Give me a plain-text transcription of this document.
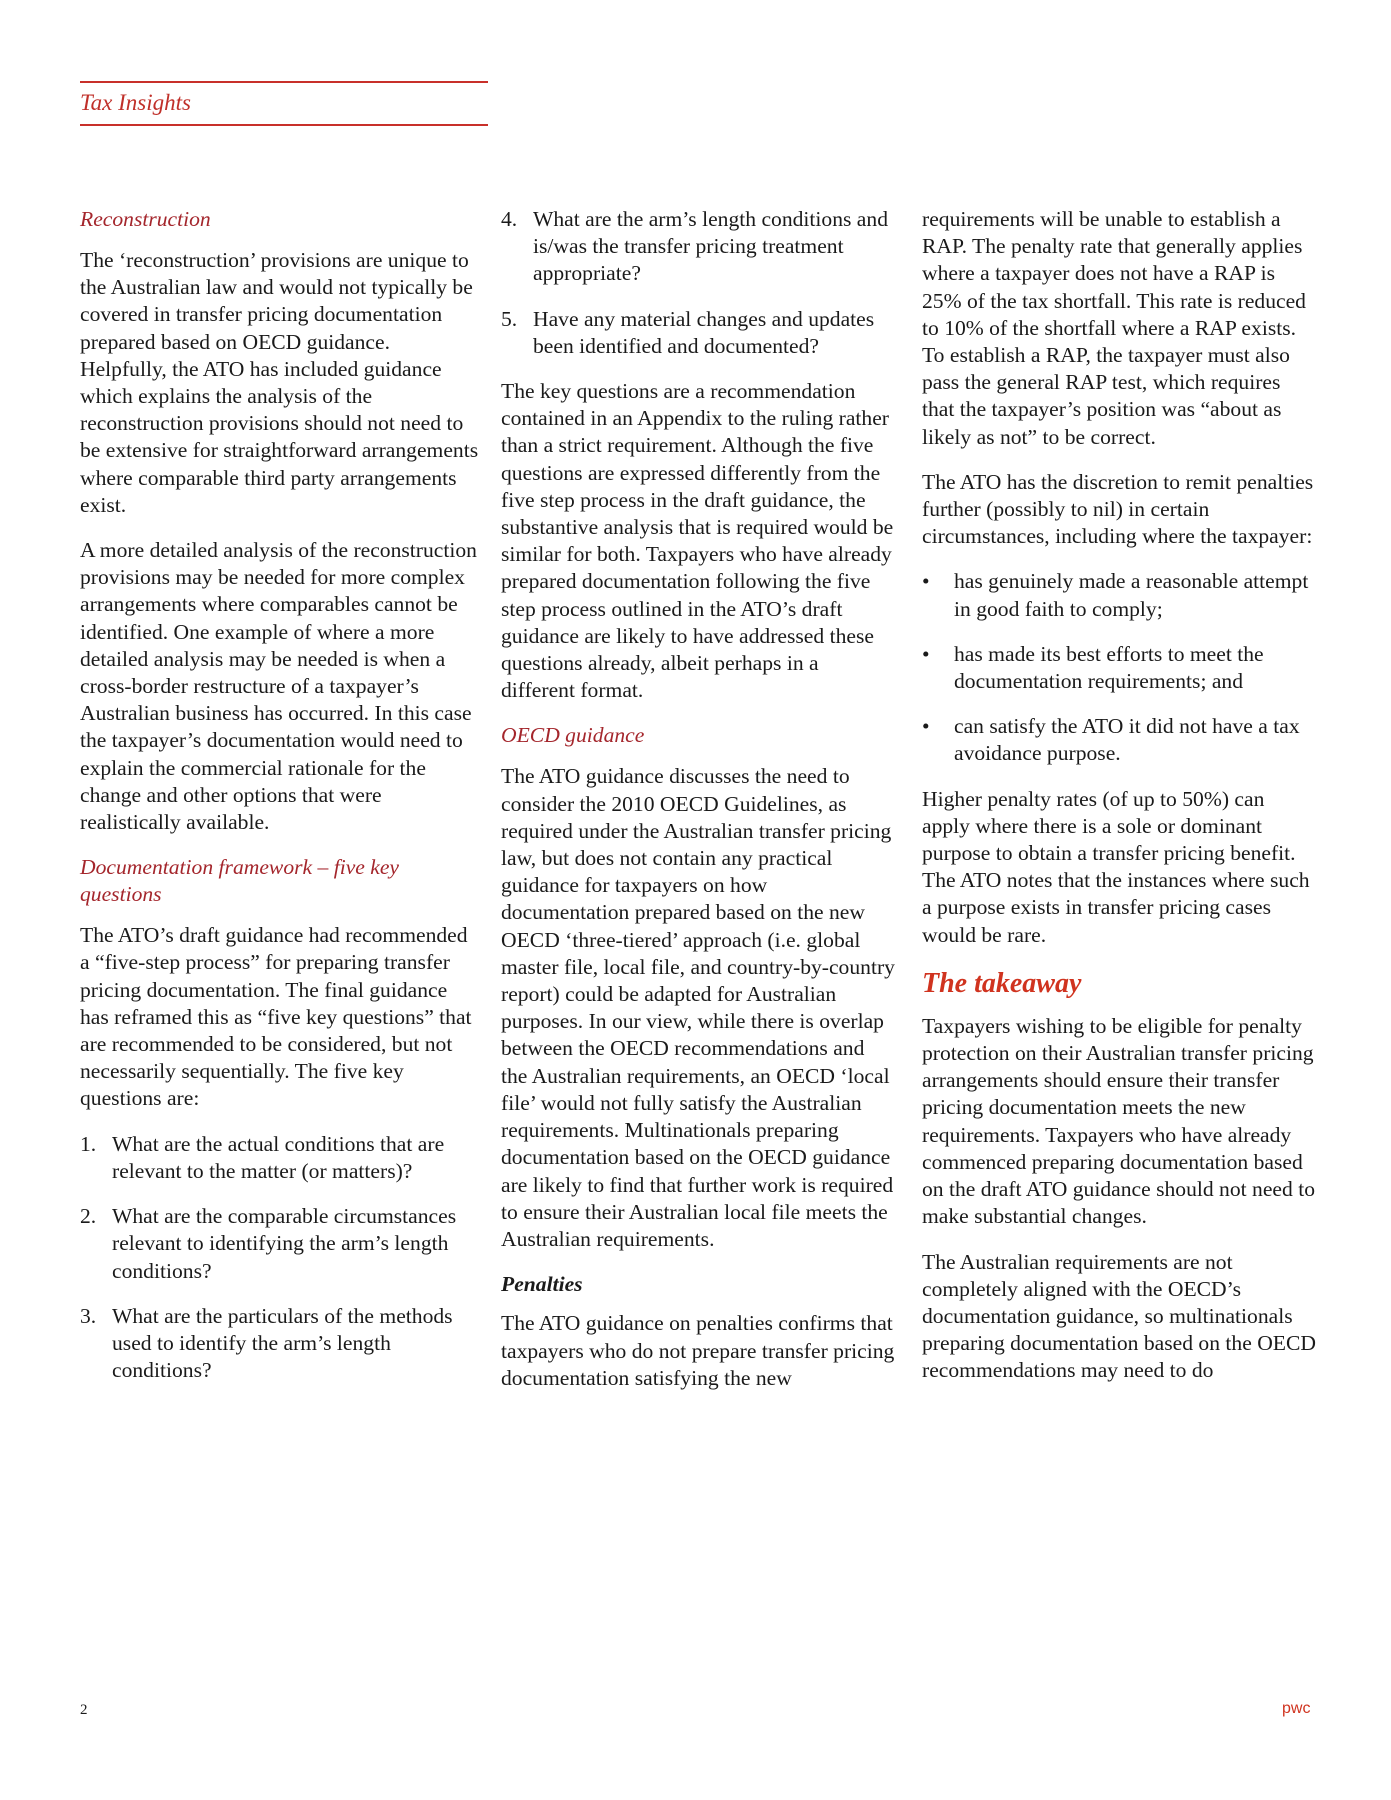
Tax Insights
Reconstruction

The ‘reconstruction’ provisions are unique to the Australian law and would not typically be covered in transfer pricing documentation prepared based on OECD guidance. Helpfully, the ATO has included guidance which explains the analysis of the reconstruction provisions should not need to be extensive for straightforward arrangements where comparable third party arrangements exist.

A more detailed analysis of the reconstruction provisions may be needed for more complex arrangements where comparables cannot be identified. One example of where a more detailed analysis may be needed is when a cross-border restructure of a taxpayer’s Australian business has occurred. In this case the taxpayer’s documentation would need to explain the commercial rationale for the change and other options that were realistically available.

Documentation framework – five key questions

The ATO’s draft guidance had recommended a “five-step process” for preparing transfer pricing documentation. The final guidance has reframed this as “five key questions” that are recommended to be considered, but not necessarily sequentially. The five key questions are:

1. What are the actual conditions that are relevant to the matter (or matters)?
2. What are the comparable circumstances relevant to identifying the arm’s length conditions?
3. What are the particulars of the methods used to identify the arm’s length conditions?
4. What are the arm’s length conditions and is/was the transfer pricing treatment appropriate?
5. Have any material changes and updates been identified and documented?

The key questions are a recommendation contained in an Appendix to the ruling rather than a strict requirement. Although the five questions are expressed differently from the five step process in the draft guidance, the substantive analysis that is required would be similar for both. Taxpayers who have already prepared documentation following the five step process outlined in the ATO’s draft guidance are likely to have addressed these questions already, albeit perhaps in a different format.

OECD guidance

The ATO guidance discusses the need to consider the 2010 OECD Guidelines, as required under the Australian transfer pricing law, but does not contain any practical guidance for taxpayers on how documentation prepared based on the new OECD ‘three-tiered’ approach (i.e. global master file, local file, and country-by-country report) could be adapted for Australian purposes. In our view, while there is overlap between the OECD recommendations and the Australian requirements, an OECD ‘local file’ would not fully satisfy the Australian requirements. Multinationals preparing documentation based on the OECD guidance are likely to find that further work is required to ensure their Australian local file meets the Australian requirements.

Penalties

The ATO guidance on penalties confirms that taxpayers who do not prepare transfer pricing documentation satisfying the new

requirements will be unable to establish a RAP. The penalty rate that generally applies where a taxpayer does not have a RAP is 25% of the tax shortfall. This rate is reduced to 10% of the shortfall where a RAP exists. To establish a RAP, the taxpayer must also pass the general RAP test, which requires that the taxpayer’s position was “about as likely as not” to be correct.

The ATO has the discretion to remit penalties further (possibly to nil) in certain circumstances, including where the taxpayer:

• has genuinely made a reasonable attempt in good faith to comply;
• has made its best efforts to meet the documentation requirements; and
• can satisfy the ATO it did not have a tax avoidance purpose.

Higher penalty rates (of up to 50%) can apply where there is a sole or dominant purpose to obtain a transfer pricing benefit. The ATO notes that the instances where such a purpose exists in transfer pricing cases would be rare.

The takeaway

Taxpayers wishing to be eligible for penalty protection on their Australian transfer pricing arrangements should ensure their transfer pricing documentation meets the new requirements. Taxpayers who have already commenced preparing documentation based on the draft ATO guidance should not need to make substantial changes.

The Australian requirements are not completely aligned with the OECD’s documentation guidance, so multinationals preparing documentation based on the OECD recommendations may need to do

2	pwc
